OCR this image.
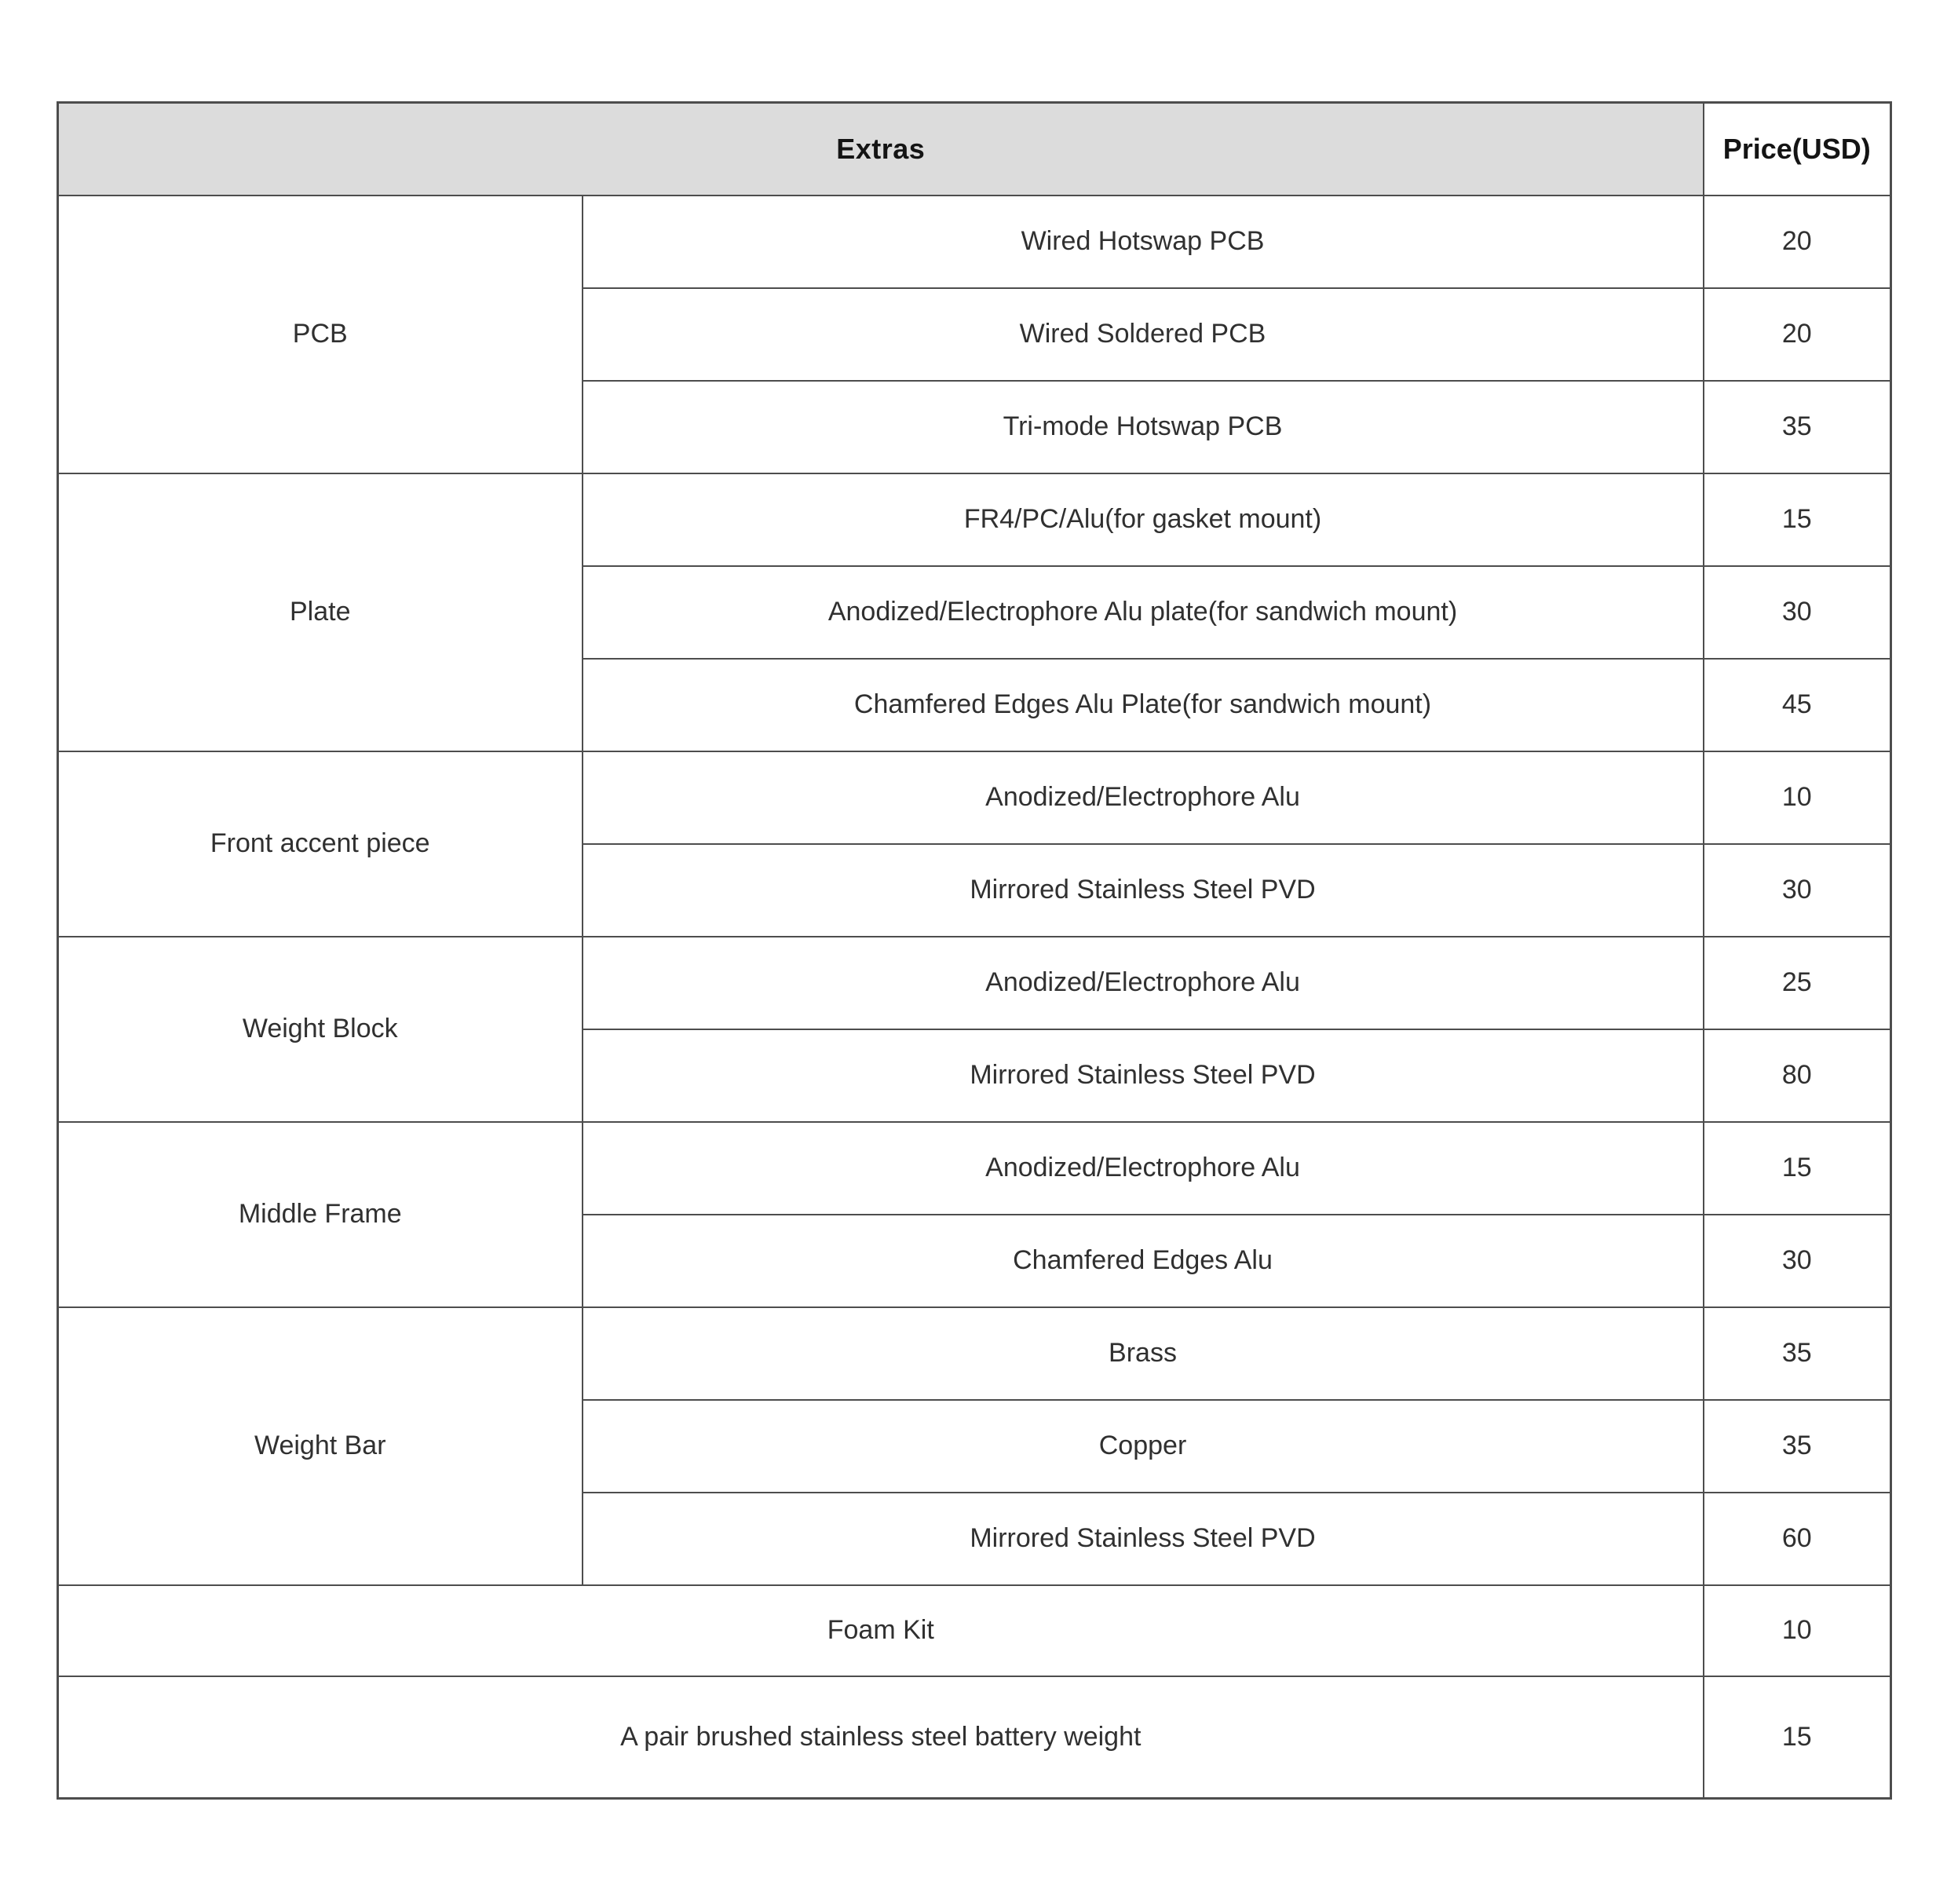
Extras		Price(USD)
PCB	Wired Hotswap PCB	20
	Wired Soldered PCB	20
	Tri-mode Hotswap PCB	35
Plate	FR4/PC/Alu(for gasket mount)	15
	Anodized/Electrophore Alu plate(for sandwich mount)	30
	Chamfered Edges Alu Plate(for sandwich mount)	45
Front accent piece	Anodized/Electrophore Alu	10
	Mirrored Stainless Steel PVD	30
Weight Block	Anodized/Electrophore Alu	25
	Mirrored Stainless Steel PVD	80
Middle Frame	Anodized/Electrophore Alu	15
	Chamfered Edges Alu	30
Weight Bar	Brass	35
	Copper	35
	Mirrored Stainless Steel PVD	60
Foam Kit		10
A pair brushed stainless steel battery weight		15
